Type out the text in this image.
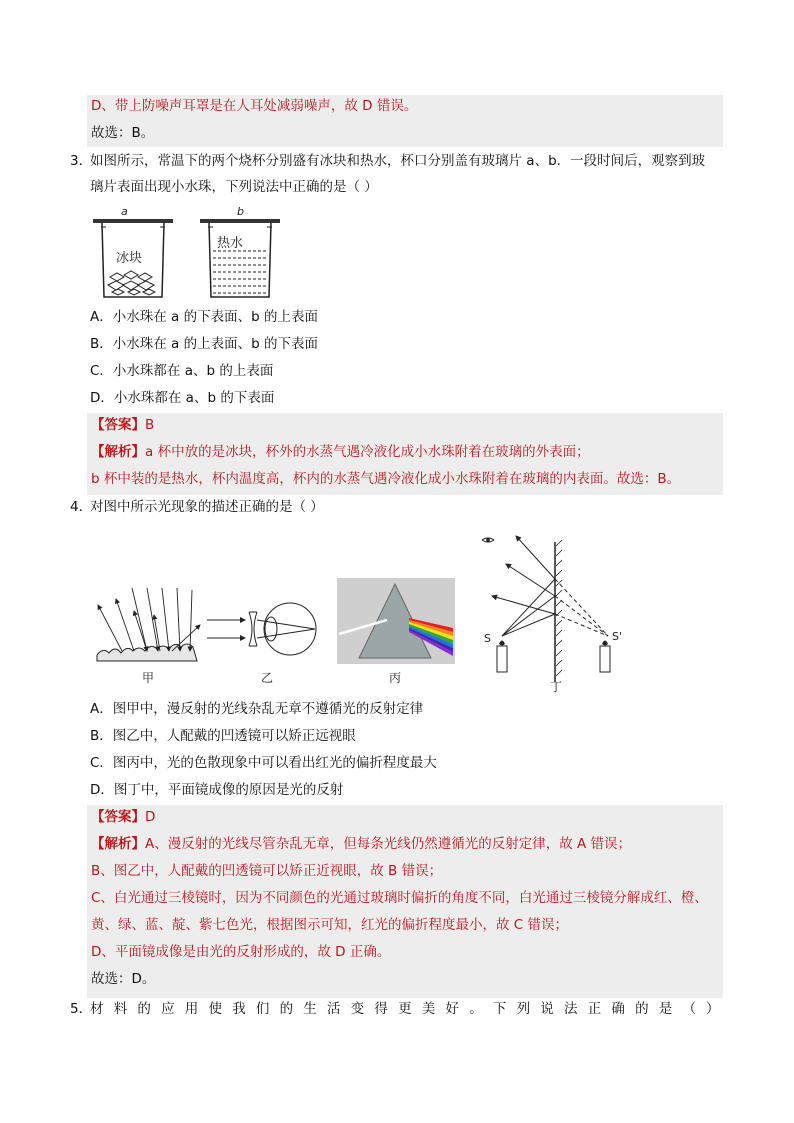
D、带上防噪声耳罩是在人耳处减弱噪声，故 D 错误。
故选：B。
3．
如图所示，常温下的两个烧杯分别盛有冰块和热水，杯口分别盖有玻璃片 a、b．一段时间后，观察到玻
璃片表面出现小水珠，下列说法中正确的是（ ）
a
冰块
b
热水
A．小水珠在 a 的下表面、b 的上表面
B．小水珠在 a 的上表面、b 的下表面
C．小水珠都在 a、b 的上表面
D．小水珠都在 a、b 的下表面
【答案】B
【解析】a 杯中放的是冰块，杯外的水蒸气遇冷液化成小水珠附着在玻璃的外表面；
b 杯中装的是热水，杯内温度高，杯内的水蒸气遇冷液化成小水珠附着在玻璃的内表面。故选：B。
4．
对图中所示光现象的描述正确的是（ ）
甲	乙	丙
S	S'
丁
A．图甲中，漫反射的光线杂乱无章不遵循光的反射定律
B．图乙中，人配戴的凹透镜可以矫正远视眼
C．图丙中，光的色散现象中可以看出红光的偏折程度最大
D．图丁中，平面镜成像的原因是光的反射
【答案】D
【解析】A、漫反射的光线尽管杂乱无章，但每条光线仍然遵循光的反射定律，故 A 错误；
B、图乙中，人配戴的凹透镜可以矫正近视眼，故 B 错误；
C、白光通过三棱镜时，因为不同颜色的光通过玻璃时偏折的角度不同，白光通过三棱镜分解成红、橙、
黄、绿、蓝、靛、紫七色光，根据图示可知，红光的偏折程度最小，故 C 错误；
D、平面镜成像是由光的反射形成的，故 D 正确。
故选：D。
5．
材料的应用使我们的生活变得更美好。下列说法正确的是（ ）
